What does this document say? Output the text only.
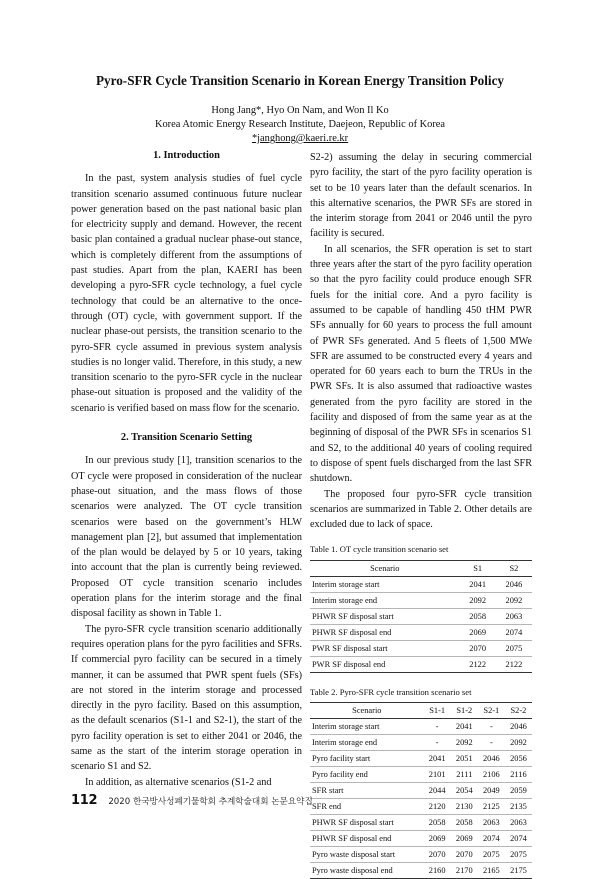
Pyro-SFR Cycle Transition Scenario in Korean Energy Transition Policy
Hong Jang*, Hyo On Nam, and Won Il Ko
Korea Atomic Energy Research Institute, Daejeon, Republic of Korea
*janghong@kaeri.re.kr
1. Introduction

In the past, system analysis studies of fuel cycle transition scenario assumed continuous future nuclear power generation based on the past national basic plan for electricity supply and demand. However, the recent basic plan contained a gradual nuclear phase-out stance, which is completely different from the assumptions of past studies. Apart from the plan, KAERI has been developing a pyro-SFR cycle technology, a fuel cycle technology that could be an alternative to the once-through (OT) cycle, with government support. If the nuclear phase-out persists, the transition scenario to the pyro-SFR cycle assumed in previous system analysis studies is no longer valid. Therefore, in this study, a new transition scenario to the pyro-SFR cycle in the nuclear phase-out situation is proposed and the validity of the scenario is verified based on mass flow for the scenario.

2. Transition Scenario Setting

In our previous study [1], transition scenarios to the OT cycle were proposed in consideration of the nuclear phase-out situation, and the mass flows of those scenarios were analyzed. The OT cycle transition scenarios were based on the government’s HLW management plan [2], but assumed that implementation of the plan would be delayed by 5 or 10 years, taking into account that the plan is currently being reviewed. Proposed OT cycle transition scenario includes operation plans for the interim storage and the final disposal facility as shown in Table 1.

The pyro-SFR cycle transition scenario additionally requires operation plans for the pyro facilities and SFRs. If commercial pyro facility can be secured in a timely manner, it can be assumed that PWR spent fuels (SFs) are not stored in the interim storage and processed directly in the pyro facility. Based on this assumption, as the default scenarios (S1-1 and S2-1), the start of the pyro facility operation is set to either 2041 or 2046, the same as the start of the interim storage operation in scenario S1 and S2.

In addition, as alternative scenarios (S1-2 and

S2-2) assuming the delay in securing commercial pyro facility, the start of the pyro facility operation is set to be 10 years later than the default scenarios. In this alternative scenarios, the PWR SFs are stored in the interim storage from 2041 or 2046 until the pyro facility is secured.

In all scenarios, the SFR operation is set to start three years after the start of the pyro facility operation so that the pyro facility could produce enough SFR fuels for the initial core. And a pyro facility is assumed to be capable of handling 450 tHM PWR SFs annually for 60 years to process the full amount of PWR SFs generated. And 5 fleets of 1,500 MWe SFR are assumed to be constructed every 4 years and operated for 60 years each to burn the TRUs in the PWR SFs. It is also assumed that radioactive wastes generated from the pyro facility are stored in the facility and disposed of from the same year as at the beginning of disposal of the PWR SFs in scenarios S1 and S2, to the additional 40 years of cooling required to dispose of spent fuels discharged from the last SFR shutdown.

The proposed four pyro-SFR cycle transition scenarios are summarized in Table 2. Other details are excluded due to lack of space.

Table 1. OT cycle transition scenario set
Scenario	S1	S2
Interim storage start	2041	2046
Interim storage end	2092	2092
PHWR SF disposal start	2058	2063
PHWR SF disposal end	2069	2074
PWR SF disposal start	2070	2075
PWR SF disposal end	2122	2122
Table 2. Pyro-SFR cycle transition scenario set
Scenario	S1-1	S1-2	S2-1	S2-2
Interim storage start	-	2041	-	2046
Interim storage end	-	2092	-	2092
Pyro facility start	2041	2051	2046	2056
Pyro facility end	2101	2111	2106	2116
SFR start	2044	2054	2049	2059
SFR end	2120	2130	2125	2135
PHWR SF disposal start	2058	2058	2063	2063
PHWR SF disposal end	2069	2069	2074	2074
Pyro waste disposal start	2070	2070	2075	2075
Pyro waste disposal end	2160	2170	2165	2175
112 2020 한국방사성폐기물학회 추계학술대회 논문요약집
